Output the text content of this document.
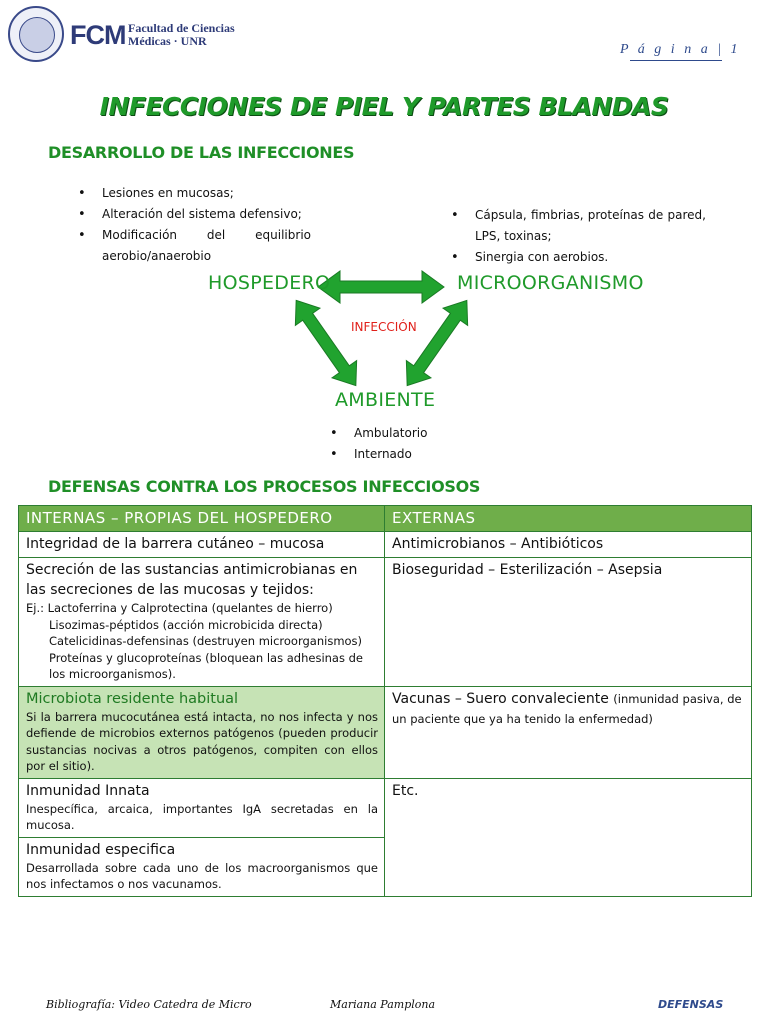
FCM Facultad de Ciencias
Médicas · UNR
P á g i n a | 1
INFECCIONES DE PIEL Y PARTES BLANDAS
DESARROLLO DE LAS INFECCIONES
• Lesiones en mucosas;
• Alteración del sistema defensivo;
• Modificación del equilibrio aerobio/anaerobio
• Cápsula, fimbrias, proteínas de pared, LPS, toxinas;
• Sinergia con aerobios.
HOSPEDERO	MICROORGANISMO
INFECCIÓN
AMBIENTE
• Ambulatorio
• Internado
DEFENSAS CONTRA LOS PROCESOS INFECCIOSOS
INTERNAS – PROPIAS DEL HOSPEDERO	EXTERNAS
Integridad de la barrera cutáneo – mucosa	Antimicrobianos – Antibióticos

Secreción de las sustancias antimicrobianas en las secreciones de las mucosas y tejidos:
Ej.: Lactoferrina y Calprotectina (quelantes de hierro)
Lisozimas-péptidos (acción microbicida directa)
Catelicidinas-defensinas (destruyen microorganismos)
Proteínas y glucoproteínas (bloquean las adhesinas de los microorganismos).	Bioseguridad – Esterilización – Asepsia

Microbiota residente habitual
Si la barrera mucocutánea está intacta, no nos infecta y nos defiende de microbios externos patógenos (pueden producir sustancias nocivas a otros patógenos, compiten con ellos por el sitio).	Vacunas – Suero convaleciente (inmunidad pasiva, de un paciente que ya ha tenido la enfermedad)

Inmunidad Innata
Inespecífica, arcaica, importantes IgA secretadas en la mucosa.	Etc.

Inmunidad especifica
Desarrollada sobre cada uno de los macroorganismos que nos infectamos o nos vacunamos.	
Bibliografía: Video Catedra de Micro	Mariana Pamplona	DEFENSAS
